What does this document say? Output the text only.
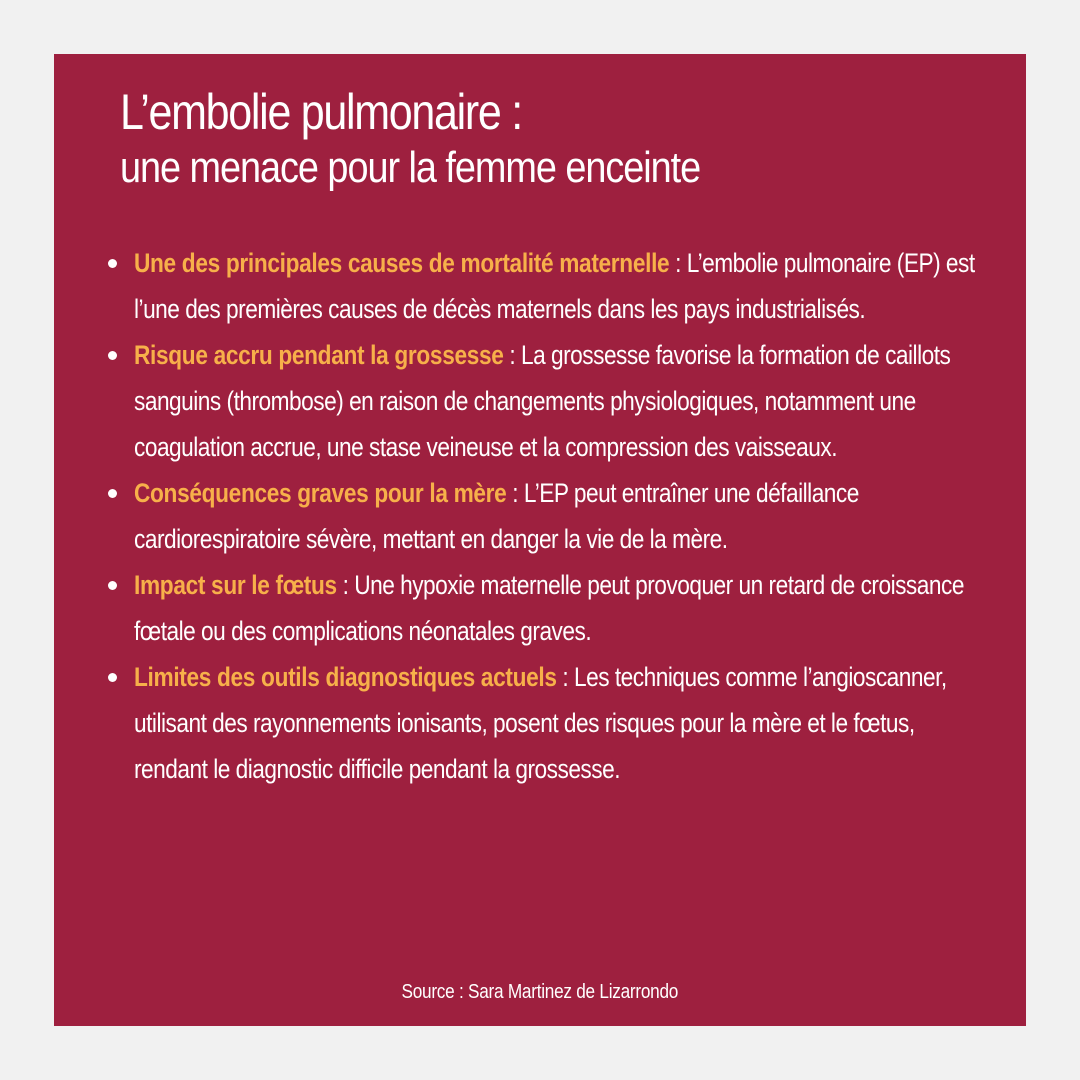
L’embolie pulmonaire :
une menace pour la femme enceinte
Une des principales causes de mortalité maternelle : L’embolie pulmonaire (EP) est l’une des premières causes de décès maternels dans les pays industrialisés.
Risque accru pendant la grossesse : La grossesse favorise la formation de caillots sanguins (thrombose) en raison de changements physiologiques, notamment une coagulation accrue, une stase veineuse et la compression des vaisseaux.
Conséquences graves pour la mère : L’EP peut entraîner une défaillance cardiorespiratoire sévère, mettant en danger la vie de la mère.
Impact sur le fœtus : Une hypoxie maternelle peut provoquer un retard de croissance fœtale ou des complications néonatales graves.
Limites des outils diagnostiques actuels : Les techniques comme l’angioscanner, utilisant des rayonnements ionisants, posent des risques pour la mère et le fœtus, rendant le diagnostic difficile pendant la grossesse.
Source : Sara Martinez de Lizarrondo
